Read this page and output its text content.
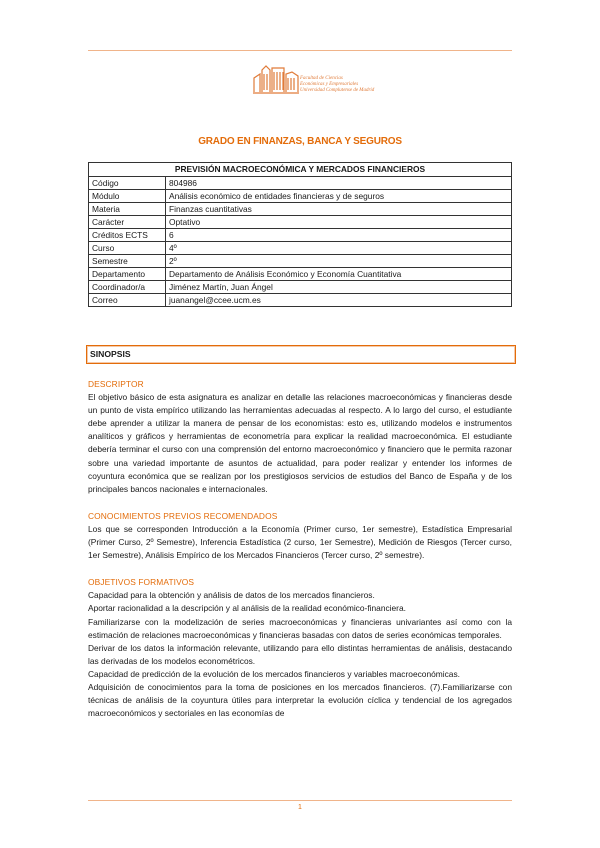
Facultad de Ciencias
Económicas y Empresariales
Universidad Complutense de Madrid
GRADO EN FINANZAS, BANCA Y SEGUROS
PREVISIÓN MACROECONÓMICA Y MERCADOS FINANCIEROS	
Código	804986
Módulo	Análisis económico de entidades financieras y de seguros
Materia	Finanzas cuantitativas
Carácter	Optativo
Créditos ECTS	6
Curso	4º
Semestre	2º
Departamento	Departamento de Análisis Económico y Economía Cuantitativa
Coordinador/a	Jiménez Martín, Juan Ángel
Correo	juanangel@ccee.ucm.es
SINOPSIS
DESCRIPTOR

El objetivo básico de esta asignatura es analizar en detalle las relaciones macroeconómicas y financieras desde un punto de vista empírico utilizando las herramientas adecuadas al respecto. A lo largo del curso, el estudiante debe aprender a utilizar la manera de pensar de los economistas: esto es, utilizando modelos e instrumentos analíticos y gráficos y herramientas de econometría para explicar la realidad macroeconómica. El estudiante debería terminar el curso con una comprensión del entorno macroeconómico y financiero que le permita razonar sobre una variedad importante de asuntos de actualidad, para poder realizar y entender los informes de coyuntura económica que se realizan por los prestigiosos servicios de estudios del Banco de España y de los principales bancos nacionales e internacionales.

CONOCIMIENTOS PREVIOS RECOMENDADOS

Los que se corresponden Introducción a la Economía (Primer curso, 1er semestre), Estadística Empresarial (Primer Curso, 2º Semestre), Inferencia Estadística (2 curso, 1er Semestre), Medición de Riesgos (Tercer curso, 1er Semestre), Análisis Empírico de los Mercados Financieros (Tercer curso, 2º semestre).

OBJETIVOS FORMATIVOS

Capacidad para la obtención y análisis de datos de los mercados financieros.

Aportar racionalidad a la descripción y al análisis de la realidad económico-financiera.

Familiarizarse con la modelización de series macroeconómicas y financieras univariantes así como con la estimación de relaciones macroeconómicas y financieras basadas con datos de series económicas temporales.

Derivar de los datos la información relevante, utilizando para ello distintas herramientas de análisis, destacando las derivadas de los modelos econométricos.

Capacidad de predicción de la evolución de los mercados financieros y variables macroeconómicas.

Adquisición de conocimientos para la toma de posiciones en los mercados financieros. (7).Familiarizarse con técnicas de análisis de la coyuntura útiles para interpretar la evolución cíclica y tendencial de los agregados macroeconómicos y sectoriales en las economías de

1
